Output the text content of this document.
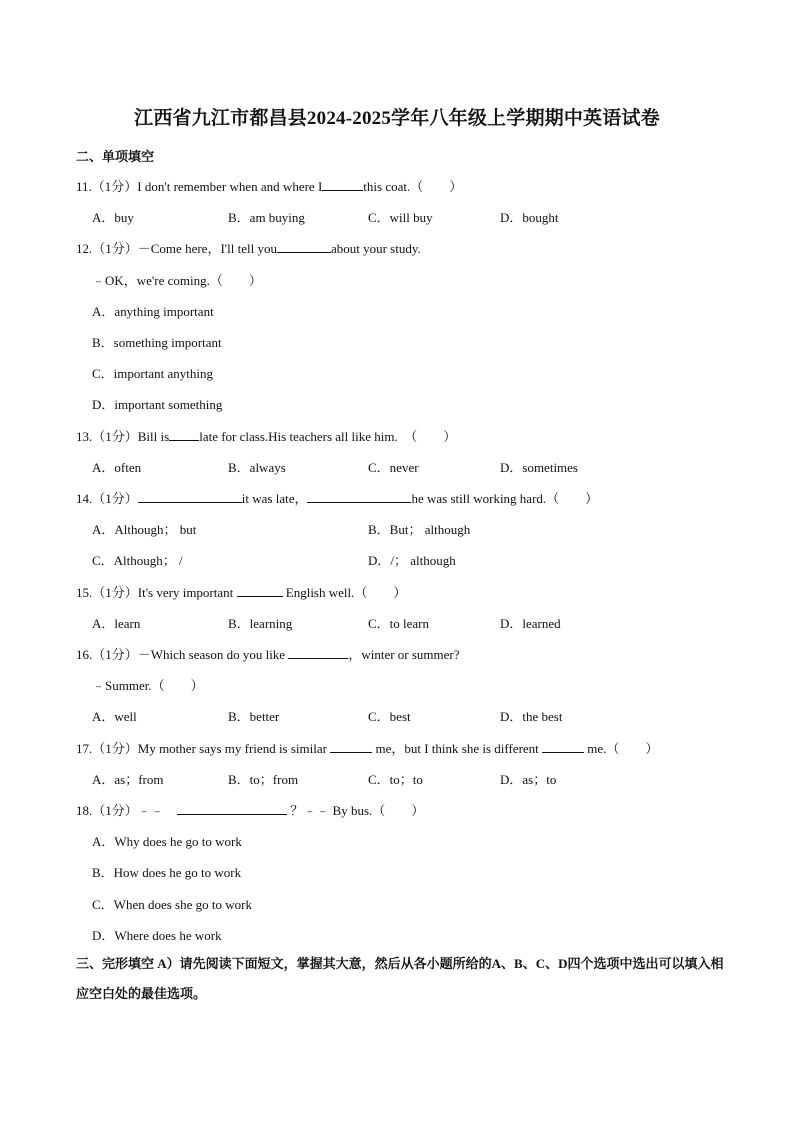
江西省九江市都昌县2024-2025学年八年级上学期期中英语试卷
二、单项填空
11.（1分）I don't remember when and where I	this coat.（　　）
A．buy	B．am buying	C．will buy	D．bought
12.（1分）－Come here，I'll tell you	about your study.
﹣OK，we're coming.（　　）
A．anything important
B．something important
C．important anything
D．important something
13.（1分）Bill is late for class.His teachers all like him.　（　　）
A．often	B．always	C．never	D．sometimes
14.（1分）	it was late，	he was still working hard.（　　）
A．Although； but	B．But； although
C．Although； /	D．/； although
15.（1分）It's very important	English well.（　　）
A．learn	B．learning	C．to learn	D．learned
16.（1分）－Which season do you like	，winter or summer?
﹣Summer.（　　）
A．well	B．better	C．best	D．the best
17.（1分）My mother says my friend is similar	me，but I think she is different	me.（　　）
A．as；from	B．to；from	C．to；to	D．as；to
18.（1分）﹣﹣	？﹣﹣ By bus.（　　）
A．Why does he go to work
B．How does he go to work
C．When does she go to work
D．Where does he work
三、完形填空 A）请先阅读下面短文，掌握其大意，然后从各小题所给的A、B、C、D四个选项中选出可以填入相应空白处的最佳选项。
